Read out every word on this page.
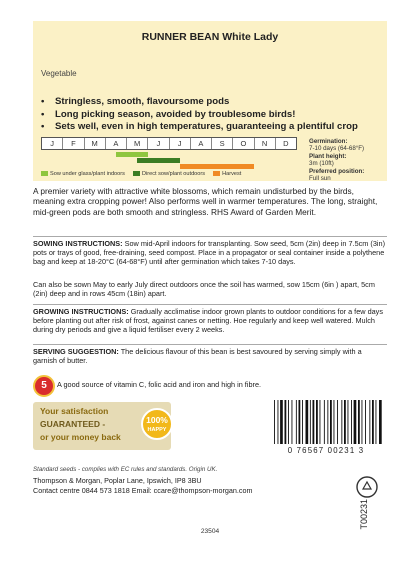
RUNNER BEAN White Lady
Vegetable
• Stringless, smooth, flavoursome pods
• Long picking season, avoided by troublesome birds!
• Sets well, even in high temperatures, guaranteeing a plentiful crop
J	F	M	A	M	J	J	A	S	O	N	D
Sow under glass/plant indoors	Direct sow/plant outdoors	Harvest
Germination:
7-10 days (64-68°F)
Plant height:
3m (10ft)
Preferred position:
Full sun
A premier variety with attractive white blossoms, which remain undisturbed by the birds, meaning extra cropping power! Also performs well in warmer temperatures. The long, straight, mid-green pods are both smooth and stringless. RHS Award of Garden Merit.
SOWING INSTRUCTIONS: Sow mid-April indoors for transplanting. Sow seed, 5cm (2in) deep in 7.5cm (3in) pots or trays of good, free-draining, seed compost. Place in a propagator or seal container inside a polythene bag and keep at 18-20°C (64-68°F) until after germination which takes 7-10 days.
Can also be sown May to early July direct outdoors once the soil has warmed, sow 15cm (6in ) apart, 5cm (2in) deep and in rows 45cm (18in) apart.
GROWING INSTRUCTIONS: Gradually acclimatise indoor grown plants to outdoor conditions for a few days before planting out after risk of frost, against canes or netting. Hoe regularly and keep well watered. Mulch during dry periods and give a liquid fertiliser every 2 weeks.
SERVING SUGGESTION: The delicious flavour of this bean is best savoured by serving simply with a garnish of butter.
5	A good source of vitamin C, folic acid and iron and high in fibre.
Your satisfaction
GUARANTEED -
or your money back
100%
HAPPY
0 76567 00231 3
Standard seeds - complies with EC rules and standards. Origin UK.
Thompson & Morgan, Poplar Lane, Ipswich, IP8 3BU
Contact centre 0844 573 1818 Email: ccare@thompson-morgan.com
T00231
23504
